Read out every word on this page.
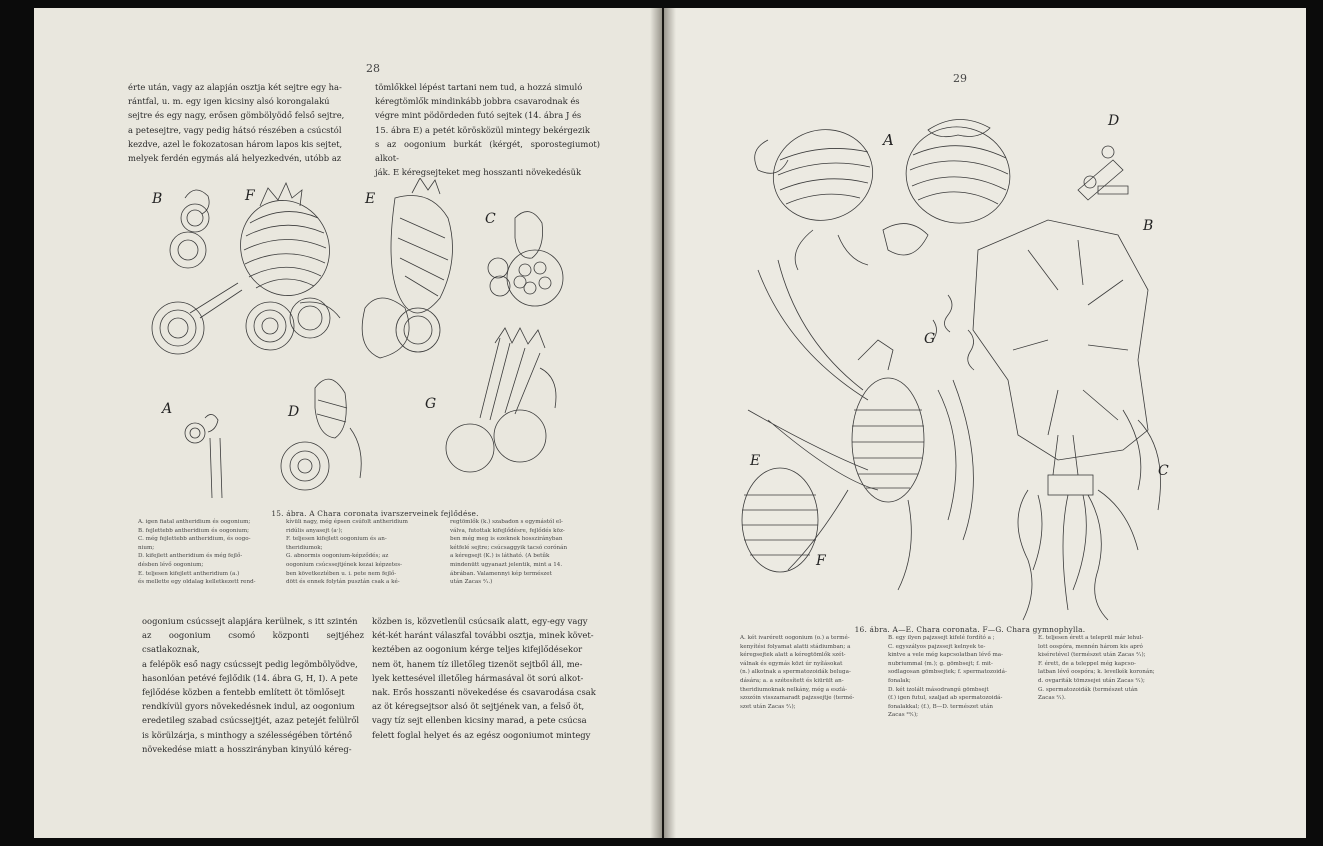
28

érte után, vagy az alapján osztja két sejtre egy ha-

rántfal, u. m. egy igen kicsiny alsó korongalakú

sejtre és egy nagy, erősen gömbölyödő felső sejtre,

a petesejtre, vagy pedig hátsó részében a csúcstól

kezdve, azel le fokozatosan három lapos kis sejtet,

melyek ferdén egymás alá helyezkedvén, utóbb az

tömlőkkel lépést tartani nem tud, a hozzá simuló

kéregtömlők mindinkább jobbra csavarodnak és

végre mint pödördeden futó sejtek (14. ábra J és

15. ábra E) a petét körösközül mintegy bekérgezik

s az oogonium burkát (kérgét, sporostegiumot) alkot-

ják. E kéregsejteket meg hosszanti növekedésük

B	F	E
C
A	D	G
15. ábra. A Chara coronata ivarszerveinek fejlődése.

A. igen fiatal antheridium és oogonium;

B. fejlettebb antheridium és oogonium;

C. még fejlettebb antheridium, és oogo-

nium;

D. kifejlett antheridium és még fejlő-

désben lévő oogonium;

E. teljesen kifejlett antheridium (a.)

és mellette egy oldalag kelletkezett rend-

kívüli nagy, még épsen csúfolt antheridium

ridúlis anyasejt (a·);

F. teljesen kifejlett oogonium és an-

theridiumok;

G. abnormis oogonium-képződés; az

oogonium csúcssejtjének kezai képzetes-

ben következtében u. i. pete nem fejlő-

dött és ennek folytán pusztán csak a ké-

regtömlők (k.) szabadon s egymástól el-

válva, futottak kifejlődésre, fejlődés köz-

ben még meg is ezeknek hosszirányban

kétfelé sejtre; csúcsaggyik tacsó corónán

a kéregsejt (K.) is látható. (A betűk

mindenütt ugyanazt jelentik, mint a 14.

ábrában. Valamennyi kép természet

után Zacas ²⁄₁.)

oogonium csúcssejt alapjára kerülnek, s itt szintén

az oogonium csomó központi sejtjéhez csatlakoznak,

a felépök eső nagy csúcssejt pedig legömbölyödve,

hasonlóan petévé fejlődik (14. ábra G, H, I). A pete

fejlődése közben a fentebb említett öt tömlősejt

rendkívül gyors növekedésnek indul, az oogonium

eredetileg szabad csúcssejtjét, azaz petejét felülről

is körülzárja, s minthogy a szélességében történő

növekedése miatt a hosszirányban kinyúló kéreg-

közben is, közvetlenül csúcsaik alatt, egy-egy vagy

két-két haránt válaszfal további osztja, minek követ-

keztében az oogonium kérge teljes kifejlődésekor

nem öt, hanem tíz illetőleg tizenöt sejtből áll, me-

lyek kettesével illetőleg hármasával öt sorú alkot-

nak. Erős hosszanti növekedése és csavarodása csak

az öt kéregsejtsor alsó öt sejtjének van, a felső öt,

vagy tíz sejt ellenben kicsiny marad, a pete csúcsa

felett foglal helyet és az egész oogoniumot mintegy

29
A
D
B
G
C
E
F
16. ábra. A—E. Chara coronata. F—G. Chara gymnophylla.

A. két ivarérett oogonium (o.) a termé-

kenyítési folyamat alatti stádiumban; a

kéregsejtek alatt a kéregtömlők szét-

válnak és egymás közt úr nyílásokat

(n.) alkotnak a spermatozoidák beluga-

dására; a. a szétesített és kiürült an-

theridiumoknak nelkány, még a eszlá-

szozóin visszamaradt pajzssejtje (termé-

szet után Zacas ²⁄₁);

B. egy ilyen pajzssejt kifelé fordító a ;

C. egyszályos pajzssejt kelnyek te-

kintve a vele még kapcsolatban lévő ma-

nubriummal (m.); g. gömbsejt; f. mit-

sodlagosan gömbsejtek; f. spermatozoidá-

fonalak;

D. két izolált másodrangú gömbsejt

(f.) igen futul, szaljad ab spermatozoidá-

fonalakkal; (f.), B—D. természet után

Zacas ²⁰⁄₁);

E. teljesen érett a teleprül már lehul-

lott oospóra, mennén három kis apró

kiséretével (természet után Zacas ²⁄₁);

F. érett, de a teleppel még kapcso-

latban lévő oospóra; k. levelkék koronán;

d. ovgariták tömzsejei után Zacas ²⁄₁);

G. spermatozoidák (természet után

Zacas ²⁄₁).
